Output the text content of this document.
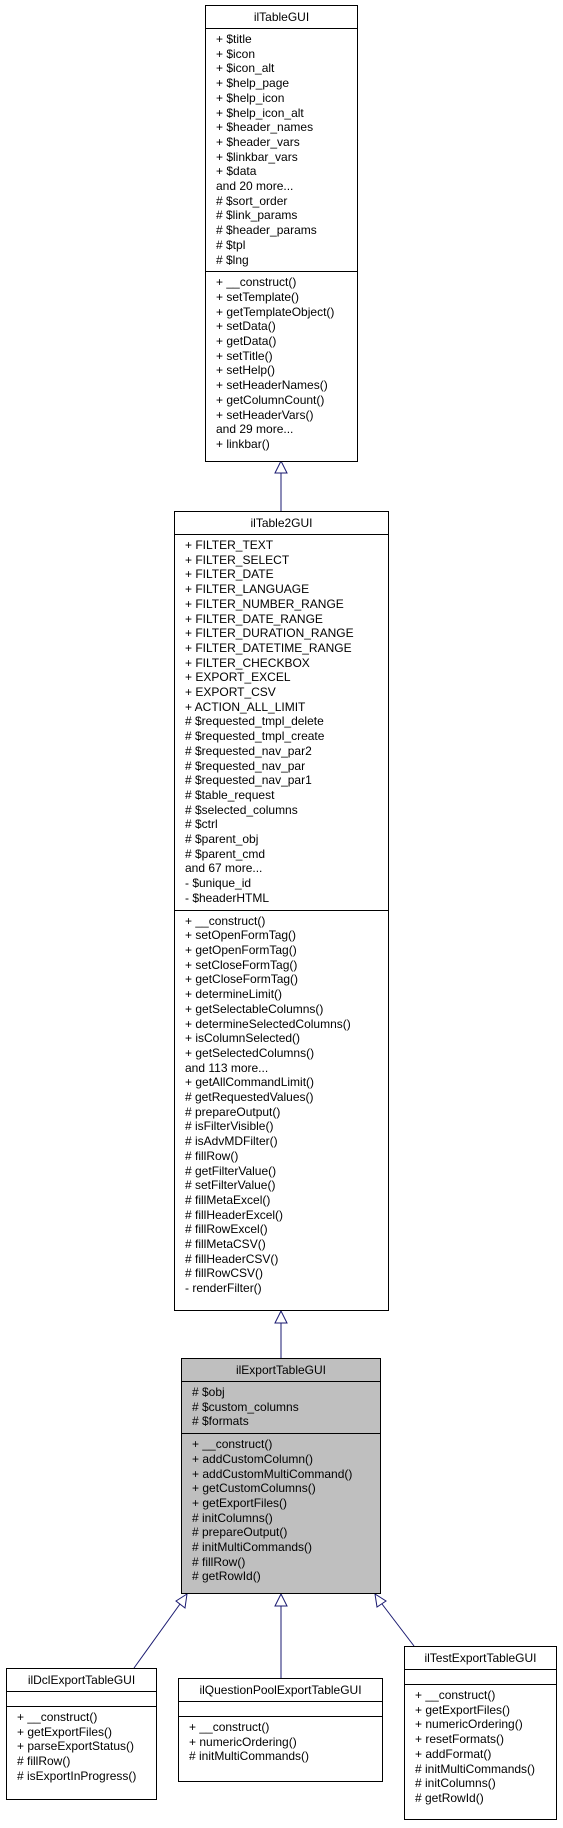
ilTableGUI
+ $title
+ $icon
+ $icon_alt
+ $help_page
+ $help_icon
+ $help_icon_alt
+ $header_names
+ $header_vars
+ $linkbar_vars
+ $data
and 20 more...
# $sort_order
# $link_params
# $header_params
# $tpl
# $lng
+ __construct()
+ setTemplate()
+ getTemplateObject()
+ setData()
+ getData()
+ setTitle()
+ setHelp()
+ setHeaderNames()
+ getColumnCount()
+ setHeaderVars()
and 29 more...
+ linkbar()
ilTable2GUI
+ FILTER_TEXT
+ FILTER_SELECT
+ FILTER_DATE
+ FILTER_LANGUAGE
+ FILTER_NUMBER_RANGE
+ FILTER_DATE_RANGE
+ FILTER_DURATION_RANGE
+ FILTER_DATETIME_RANGE
+ FILTER_CHECKBOX
+ EXPORT_EXCEL
+ EXPORT_CSV
+ ACTION_ALL_LIMIT
# $requested_tmpl_delete
# $requested_tmpl_create
# $requested_nav_par2
# $requested_nav_par
# $requested_nav_par1
# $table_request
# $selected_columns
# $ctrl
# $parent_obj
# $parent_cmd
and 67 more...
- $unique_id
- $headerHTML
+ __construct()
+ setOpenFormTag()
+ getOpenFormTag()
+ setCloseFormTag()
+ getCloseFormTag()
+ determineLimit()
+ getSelectableColumns()
+ determineSelectedColumns()
+ isColumnSelected()
+ getSelectedColumns()
and 113 more...
+ getAllCommandLimit()
# getRequestedValues()
# prepareOutput()
# isFilterVisible()
# isAdvMDFilter()
# fillRow()
# getFilterValue()
# setFilterValue()
# fillMetaExcel()
# fillHeaderExcel()
# fillRowExcel()
# fillMetaCSV()
# fillHeaderCSV()
# fillRowCSV()
- renderFilter()
ilExportTableGUI
# $obj
# $custom_columns
# $formats
+ __construct()
+ addCustomColumn()
+ addCustomMultiCommand()
+ getCustomColumns()
+ getExportFiles()
# initColumns()
# prepareOutput()
# initMultiCommands()
# fillRow()
# getRowId()
ilDclExportTableGUI
+ __construct()
+ getExportFiles()
+ parseExportStatus()
# fillRow()
# isExportInProgress()
ilQuestionPoolExportTableGUI
+ __construct()
+ numericOrdering()
# initMultiCommands()
ilTestExportTableGUI
+ __construct()
+ getExportFiles()
+ numericOrdering()
+ resetFormats()
+ addFormat()
# initMultiCommands()
# initColumns()
# getRowId()
